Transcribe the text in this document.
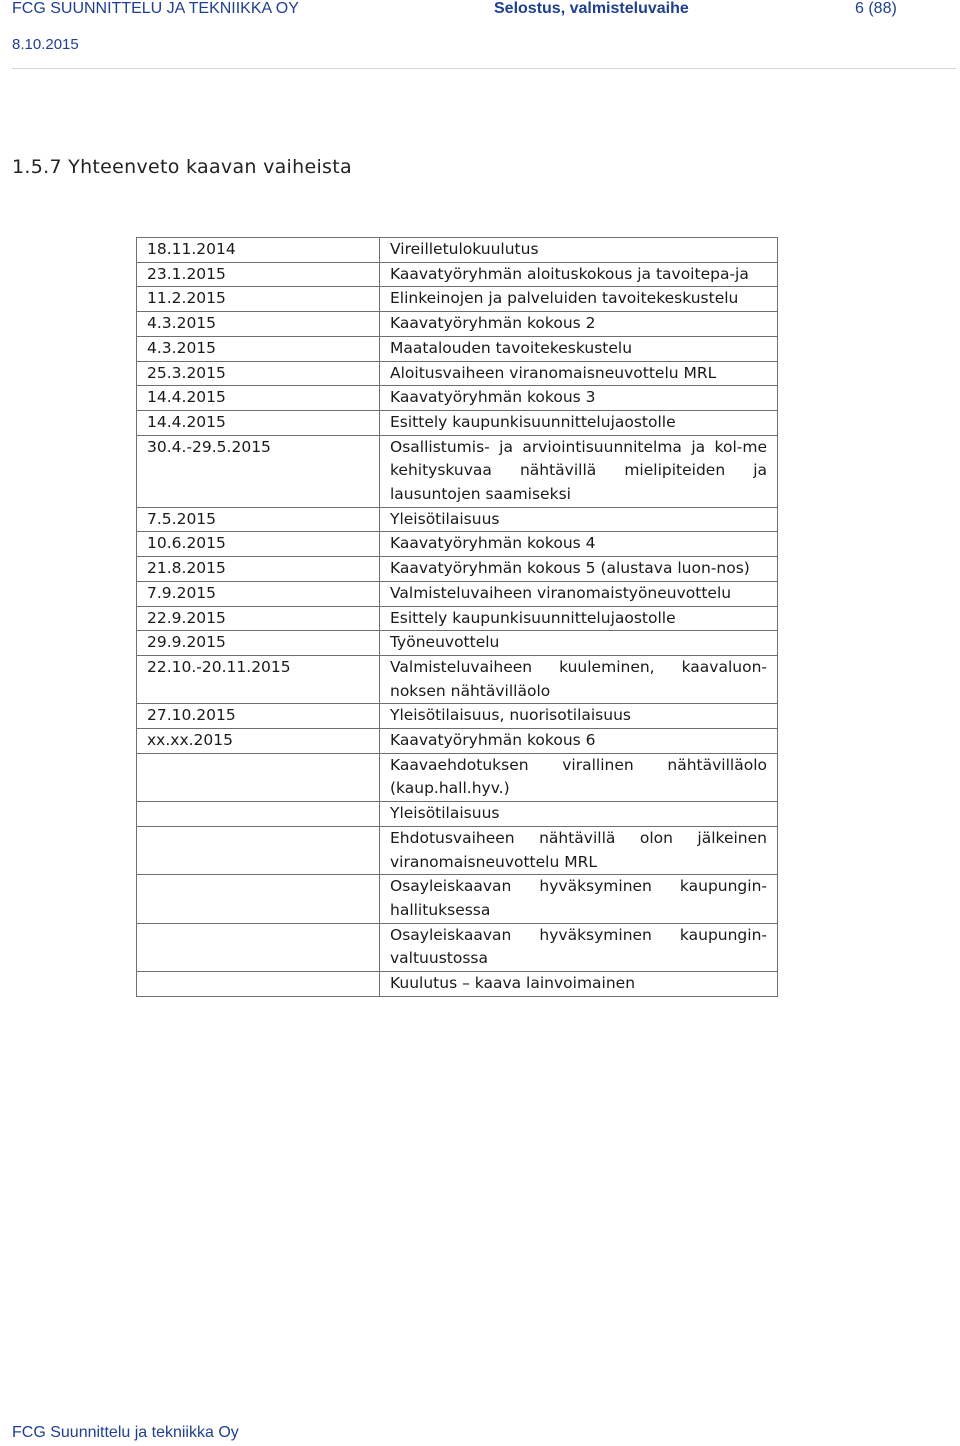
FCG SUUNNITTELU JA TEKNIIKKA OY
8.10.2015
Selostus, valmisteluvaihe	6 (88)
1.5.7 Yhteenveto kaavan vaiheista
18.11.2014	Vireilletulokuulutus
23.1.2015	Kaavatyöryhmän aloituskokous ja tavoitepa-ja
11.2.2015	Elinkeinojen ja palveluiden tavoitekeskustelu
4.3.2015	Kaavatyöryhmän kokous 2
4.3.2015	Maatalouden tavoitekeskustelu
25.3.2015	Aloitusvaiheen viranomaisneuvottelu MRL
14.4.2015	Kaavatyöryhmän kokous 3
14.4.2015	Esittely kaupunkisuunnittelujaostolle
30.4.-29.5.2015	Osallistumis- ja arviointisuunnitelma ja kol-me kehityskuvaa nähtävillä mielipiteiden ja lausuntojen saamiseksi
7.5.2015	Yleisötilaisuus
10.6.2015	Kaavatyöryhmän kokous 4
21.8.2015	Kaavatyöryhmän kokous 5 (alustava luon-nos)
7.9.2015	Valmisteluvaiheen viranomaistyöneuvottelu
22.9.2015	Esittely kaupunkisuunnittelujaostolle
29.9.2015	Työneuvottelu
22.10.-20.11.2015	Valmisteluvaiheen kuuleminen, kaavaluon-noksen nähtävilläolo
27.10.2015	Yleisötilaisuus, nuorisotilaisuus
xx.xx.2015	Kaavatyöryhmän kokous 6
	Kaavaehdotuksen virallinen nähtävilläolo (kaup.hall.hyv.)
	Yleisötilaisuus
	Ehdotusvaiheen nähtävillä olon jälkeinen viranomaisneuvottelu MRL
	Osayleiskaavan hyväksyminen kaupungin-hallituksessa
	Osayleiskaavan hyväksyminen kaupungin-valtuustossa
	Kuulutus – kaava lainvoimainen
FCG Suunnittelu ja tekniikka Oy
